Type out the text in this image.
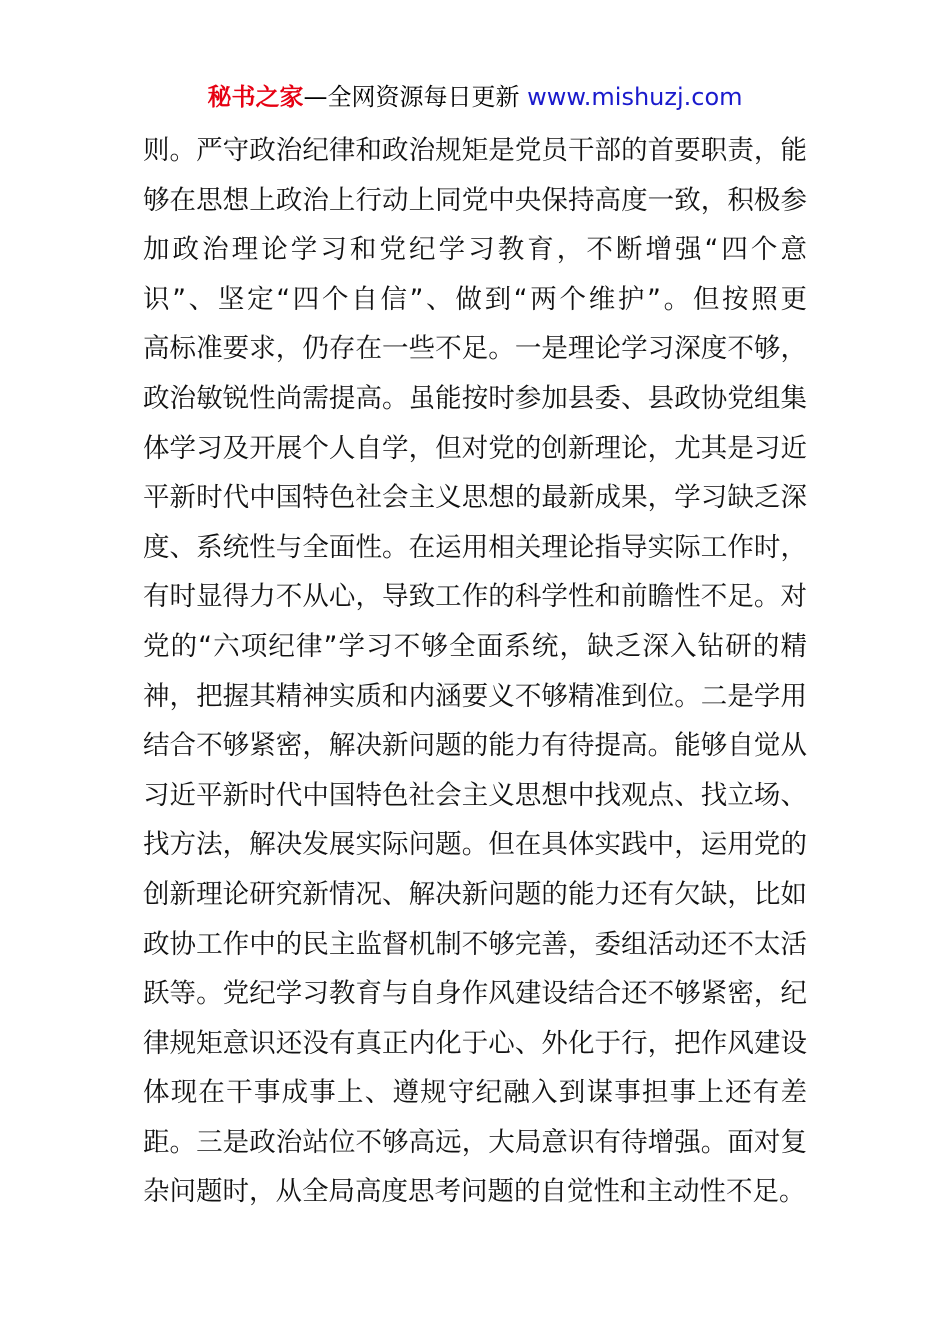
秘书之家—全网资源每日更新 www.mishuzj.com
则。严守政治纪律和政治规矩是党员干部的首要职责，能
够在思想上政治上行动上同党中央保持高度一致，积极参
加政治理论学习和党纪学习教育，不断增强“四个意
识”、坚定“四个自信”、做到“两个维护”。但按照更
高标准要求，仍存在一些不足。一是理论学习深度不够，
政治敏锐性尚需提高。虽能按时参加县委、县政协党组集
体学习及开展个人自学，但对党的创新理论，尤其是习近
平新时代中国特色社会主义思想的最新成果，学习缺乏深
度、系统性与全面性。在运用相关理论指导实际工作时，
有时显得力不从心，导致工作的科学性和前瞻性不足。对
党的“六项纪律”学习不够全面系统，缺乏深入钻研的精
神，把握其精神实质和内涵要义不够精准到位。二是学用
结合不够紧密，解决新问题的能力有待提高。能够自觉从
习近平新时代中国特色社会主义思想中找观点、找立场、
找方法，解决发展实际问题。但在具体实践中，运用党的
创新理论研究新情况、解决新问题的能力还有欠缺，比如
政协工作中的民主监督机制不够完善，委组活动还不太活
跃等。党纪学习教育与自身作风建设结合还不够紧密，纪
律规矩意识还没有真正内化于心、外化于行，把作风建设
体现在干事成事上、遵规守纪融入到谋事担事上还有差
距。三是政治站位不够高远，大局意识有待增强。面对复
杂问题时，从全局高度思考问题的自觉性和主动性不足。
